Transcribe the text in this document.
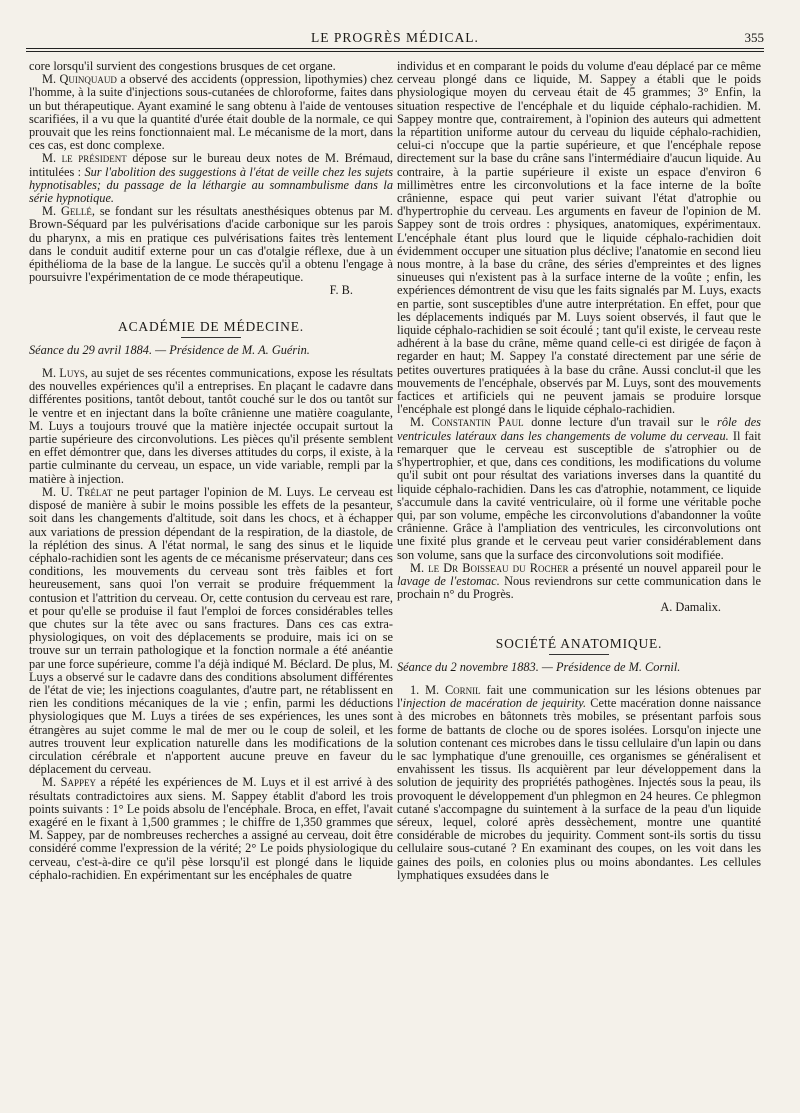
LE PROGRÈS MÉDICAL.	355

core lorsqu'il survient des congestions brusques de cet organe.

M. Quinquaud a observé des accidents (oppression, lipothymies) chez l'homme, à la suite d'injections sous-cutanées de chloroforme, faites dans un but thérapeutique. Ayant examiné le sang obtenu à l'aide de ventouses scarifiées, il a vu que la quantité d'urée était double de la normale, ce qui prouvait que les reins fonctionnaient mal. Le mécanisme de la mort, dans ces cas, est donc complexe.

M. le président dépose sur le bureau deux notes de M. Brémaud, intitulées : Sur l'abolition des suggestions à l'état de veille chez les sujets hypnotisables; du passage de la léthargie au somnambulisme dans la série hypnotique.

M. Gellé, se fondant sur les résultats anesthésiques obtenus par M. Brown-Séquard par les pulvérisations d'acide carbonique sur les parois du pharynx, a mis en pratique ces pulvérisations faites très lentement dans le conduit auditif externe pour un cas d'otalgie réflexe, due à un épithélioma de la base de la langue. Le succès qu'il a obtenu l'engage à poursuivre l'expérimentation de ce mode thérapeutique.

F. B.

ACADÉMIE DE MÉDECINE.

Séance du 29 avril 1884. — Présidence de M. A. Guérin.

M. Luys, au sujet de ses récentes communications, expose les résultats des nouvelles expériences qu'il a entreprises. En plaçant le cadavre dans différentes positions, tantôt debout, tantôt couché sur le dos ou tantôt sur le ventre et en injectant dans la boîte crânienne une matière coagulante, M. Luys a toujours trouvé que la matière injectée occupait surtout la partie supérieure des circonvolutions. Les pièces qu'il présente semblent en effet démontrer que, dans les diverses attitudes du corps, il existe, à la partie culminante du cerveau, un espace, un vide variable, rempli par la matière à injection.

M. U. Trélat ne peut partager l'opinion de M. Luys. Le cerveau est disposé de manière à subir le moins possible les effets de la pesanteur, soit dans les changements d'altitude, soit dans les chocs, et à échapper aux variations de pression dépendant de la respiration, de la diastole, de la réplétion des sinus. A l'état normal, le sang des sinus et le liquide céphalo-rachidien sont les agents de ce mécanisme préservateur; dans ces conditions, les mouvements du cerveau sont très faibles et fort heureusement, sans quoi l'on verrait se produire fréquemment la contusion et l'attrition du cerveau. Or, cette contusion du cerveau est rare, et pour qu'elle se produise il faut l'emploi de forces considérables telles que chutes sur la tête avec ou sans fractures. Dans ces cas extra-physiologiques, on voit des déplacements se produire, mais ici on se trouve sur un terrain pathologique et la fonction normale a été anéantie par une force supérieure, comme l'a déjà indiqué M. Béclard. De plus, M. Luys a observé sur le cadavre dans des conditions absolument différentes de l'état de vie; les injections coagulantes, d'autre part, ne rétablissent en rien les conditions mécaniques de la vie ; enfin, parmi les déductions physiologiques que M. Luys a tirées de ses expériences, les unes sont étrangères au sujet comme le mal de mer ou le coup de soleil, et les autres trouvent leur explication naturelle dans les modifications de la circulation cérébrale et n'apportent aucune preuve en faveur du déplacement du cerveau.

M. Sappey a répété les expériences de M. Luys et il est arrivé à des résultats contradictoires aux siens. M. Sappey établit d'abord les trois points suivants : 1° Le poids absolu de l'encéphale. Broca, en effet, l'avait exagéré en le fixant à 1,500 grammes ; le chiffre de 1,350 grammes que M. Sappey, par de nombreuses recherches a assigné au cerveau, doit être considéré comme l'expression de la vérité; 2° Le poids physiologique du cerveau, c'est-à-dire ce qu'il pèse lorsqu'il est plongé dans le liquide céphalo-rachidien. En expérimentant sur les encéphales de quatre

individus et en comparant le poids du volume d'eau déplacé par ce même cerveau plongé dans ce liquide, M. Sappey a établi que le poids physiologique moyen du cerveau était de 45 grammes; 3° Enfin, la situation respective de l'encéphale et du liquide céphalo-rachidien. M. Sappey montre que, contrairement, à l'opinion des auteurs qui admettent la répartition uniforme autour du cerveau du liquide céphalo-rachidien, celui-ci n'occupe que la partie supérieure, et que l'encéphale repose directement sur la base du crâne sans l'intermédiaire d'aucun liquide. Au contraire, à la partie supérieure il existe un espace d'environ 6 millimètres entre les circonvolutions et la face interne de la boîte crânienne, espace qui peut varier suivant l'état d'atrophie ou d'hypertrophie du cerveau. Les arguments en faveur de l'opinion de M. Sappey sont de trois ordres : physiques, anatomiques, expérimentaux. L'encéphale étant plus lourd que le liquide céphalo-rachidien doit évidemment occuper une situation plus déclive; l'anatomie en second lieu nous montre, à la base du crâne, des séries d'empreintes et des lignes sinueuses qui n'existent pas à la surface interne de la voûte ; enfin, les expériences démontrent de visu que les faits signalés par M. Luys, exacts en partie, sont susceptibles d'une autre interprétation. En effet, pour que les déplacements indiqués par M. Luys soient observés, il faut que le liquide céphalo-rachidien se soit écoulé ; tant qu'il existe, le cerveau reste adhérent à la base du crâne, même quand celle-ci est dirigée de façon à regarder en haut; M. Sappey l'a constaté directement par une série de petites ouvertures pratiquées à la base du crâne. Aussi conclut-il que les mouvements de l'encéphale, observés par M. Luys, sont des mouvements factices et artificiels qui ne peuvent jamais se produire lorsque l'encéphale est plongé dans le liquide céphalo-rachidien.

M. Constantin Paul donne lecture d'un travail sur le rôle des ventricules latéraux dans les changements de volume du cerveau. Il fait remarquer que le cerveau est susceptible de s'atrophier ou de s'hypertrophier, et que, dans ces conditions, les modifications du volume qu'il subit ont pour résultat des variations inverses dans la quantité du liquide céphalo-rachidien. Dans les cas d'atrophie, notamment, ce liquide s'accumule dans la cavité ventriculaire, où il forme une véritable poche qui, par son volume, empêche les circonvolutions d'abandonner la voûte crânienne. Grâce à l'ampliation des ventricules, les circonvolutions ont une fixité plus grande et le cerveau peut varier considérablement dans son volume, sans que la surface des circonvolutions soit modifiée.

M. le Dr Boisseau du Rocher a présenté un nouvel appareil pour le lavage de l'estomac. Nous reviendrons sur cette communication dans le prochain n° du Progrès.

A. Damalix.

SOCIÉTÉ ANATOMIQUE.

Séance du 2 novembre 1883. — Présidence de M. Cornil.

1. M. Cornil fait une communication sur les lésions obtenues par l'injection de macération de jequirity. Cette macération donne naissance à des microbes en bâtonnets très mobiles, se présentant parfois sous forme de battants de cloche ou de spores isolées. Lorsqu'on injecte une solution contenant ces microbes dans le tissu cellulaire d'un lapin ou dans le sac lymphatique d'une grenouille, ces organismes se généralisent et envahissent les tissus. Ils acquièrent par leur développement dans la solution de jequirity des propriétés pathogènes. Injectés sous la peau, ils provoquent le développement d'un phlegmon en 24 heures. Ce phlegmon cutané s'accompagne du suintement à la surface de la peau d'un liquide séreux, lequel, coloré après dessèchement, montre une quantité considérable de microbes du jequirity. Comment sont-ils sortis du tissu cellulaire sous-cutané ? En examinant des coupes, on les voit dans les gaines des poils, en colonies plus ou moins abondantes. Les cellules lymphatiques exsudées dans le
